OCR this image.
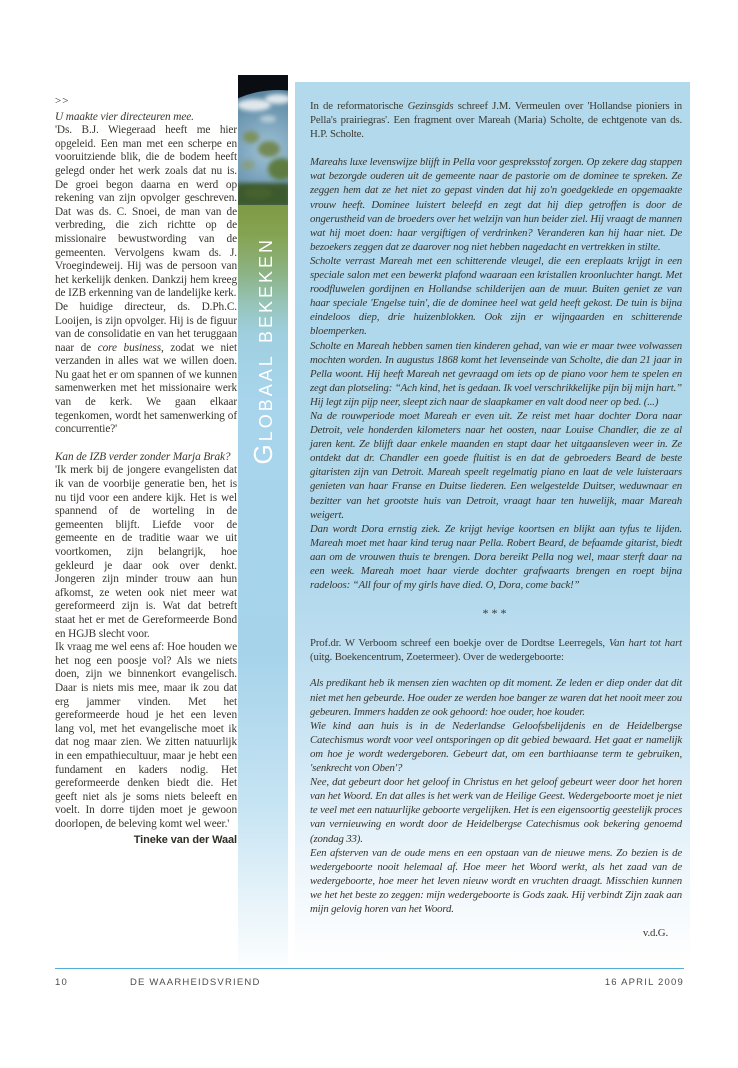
>>

U maakte vier directeuren mee.

'Ds. B.J. Wiegeraad heeft me hier opgeleid. Een man met een scherpe en vooruitziende blik, die de bodem heeft gelegd onder het werk zoals dat nu is. De groei begon daarna en werd op rekening van zijn opvolger geschreven. Dat was ds. C. Snoei, de man van de verbreding, die zich richtte op de missionaire bewustwording van de gemeenten. Vervolgens kwam ds. J. Vroegindeweij. Hij was de persoon van het kerkelijk denken. Dankzij hem kreeg de IZB erkenning van de landelijke kerk.

De huidige directeur, ds. D.Ph.C. Looijen, is zijn opvolger. Hij is de figuur van de consolidatie en van het teruggaan naar de core business, zodat we niet verzanden in alles wat we willen doen. Nu gaat het er om spannen of we kunnen samenwerken met het missionaire werk van de kerk. We gaan elkaar tegenkomen, wordt het samenwerking of concurrentie?'

Kan de IZB verder zonder Marja Brak?

'Ik merk bij de jongere evangelisten dat ik van de voorbije generatie ben, het is nu tijd voor een andere kijk. Het is wel spannend of de worteling in de gemeenten blijft. Liefde voor de gemeente en de traditie waar we uit voortkomen, zijn belangrijk, hoe gekleurd je daar ook over denkt. Jongeren zijn minder trouw aan hun afkomst, ze weten ook niet meer wat gereformeerd zijn is. Wat dat betreft staat het er met de Gereformeerde Bond en HGJB slecht voor.

Ik vraag me wel eens af: Hoe houden we het nog een poosje vol? Als we niets doen, zijn we binnenkort evangelisch. Daar is niets mis mee, maar ik zou dat erg jammer vinden. Met het gereformeerde houd je het een leven lang vol, met het evangelische moet ik dat nog maar zien. We zitten natuurlijk in een empathiecultuur, maar je hebt een fundament en kaders nodig. Het gereformeerde denken biedt die. Het geeft niet als je soms niets beleeft en voelt. In dorre tijden moet je gewoon doorlopen, de beleving komt wel weer.'

Tineke van der Waal
Globaal bekeken

In de reformatorische Gezinsgids schreef J.M. Vermeulen over 'Hollandse pioniers in Pella's prairiegras'. Een fragment over Mareah (Maria) Scholte, de echtgenote van ds. H.P. Scholte.

Mareahs luxe levenswijze blijft in Pella voor gespreksstof zorgen. Op zekere dag stappen wat bezorgde ouderen uit de gemeente naar de pastorie om de dominee te spreken. Ze zeggen hem dat ze het niet zo gepast vinden dat hij zo'n goedgeklede en opgemaakte vrouw heeft. Dominee luistert beleefd en zegt dat hij diep getroffen is door de ongerustheid van de broeders over het welzijn van hun beider ziel. Hij vraagt de mannen wat hij moet doen: haar vergiftigen of verdrinken? Veranderen kan hij haar niet. De bezoekers zeggen dat ze daarover nog niet hebben nagedacht en vertrekken in stilte.

Scholte verrast Mareah met een schitterende vleugel, die een ereplaats krijgt in een speciale salon met een bewerkt plafond waaraan een kristallen kroonluchter hangt. Met roodfluwelen gordijnen en Hollandse schilderijen aan de muur. Buiten geniet ze van haar speciale 'Engelse tuin', die de dominee heel wat geld heeft gekost. De tuin is bijna eindeloos diep, drie huizenblokken. Ook zijn er wijngaarden en schitterende bloemperken.

Scholte en Mareah hebben samen tien kinderen gehad, van wie er maar twee volwassen mochten worden. In augustus 1868 komt het levenseinde van Scholte, die dan 21 jaar in Pella woont. Hij heeft Mareah net gevraagd om iets op de piano voor hem te spelen en zegt dan plotseling: “Ach kind, het is gedaan. Ik voel verschrikkelijke pijn bij mijn hart.” Hij legt zijn pijp neer, sleept zich naar de slaapkamer en valt dood neer op bed. (...)

Na de rouwperiode moet Mareah er even uit. Ze reist met haar dochter Dora naar Detroit, vele honderden kilometers naar het oosten, naar Louise Chandler, die ze al jaren kent. Ze blijft daar enkele maanden en stapt daar het uitgaansleven weer in. Ze ontdekt dat dr. Chandler een goede fluitist is en dat de gebroeders Beard de beste gitaristen zijn van Detroit. Mareah speelt regelmatig piano en laat de vele luisteraars genieten van haar Franse en Duitse liederen. Een welgestelde Duitser, weduwnaar en bezitter van het grootste huis van Detroit, vraagt haar ten huwelijk, maar Mareah weigert.

Dan wordt Dora ernstig ziek. Ze krijgt hevige koortsen en blijkt aan tyfus te lijden. Mareah moet met haar kind terug naar Pella. Robert Beard, de befaamde gitarist, biedt aan om de vrouwen thuis te brengen. Dora bereikt Pella nog wel, maar sterft daar na een week. Mareah moet haar vierde dochter grafwaarts brengen en roept bijna radeloos: “All four of my girls have died. O, Dora, come back!”

***

Prof.dr. W Verboom schreef een boekje over de Dordtse Leerregels, Van hart tot hart (uitg. Boekencentrum, Zoetermeer). Over de wedergeboorte:

Als predikant heb ik mensen zien wachten op dit moment. Ze leden er diep onder dat dit niet met hen gebeurde. Hoe ouder ze werden hoe banger ze waren dat het nooit meer zou gebeuren. Immers hadden ze ook gehoord: hoe ouder, hoe kouder.

Wie kind aan huis is in de Nederlandse Geloofsbelijdenis en de Heidelbergse Catechismus wordt voor veel ontsporingen op dit gebied bewaard. Het gaat er namelijk om hoe je wordt wedergeboren. Gebeurt dat, om een barthiaanse term te gebruiken, 'senkrecht von Oben'?

Nee, dat gebeurt door het geloof in Christus en het geloof gebeurt weer door het horen van het Woord. En dat alles is het werk van de Heilige Geest. Wedergeboorte moet je niet te veel met een natuurlijke geboorte vergelijken. Het is een eigensoortig geestelijk proces van vernieuwing en wordt door de Heidelbergse Catechismus ook bekering genoemd (zondag 33).

Een afsterven van de oude mens en een opstaan van de nieuwe mens. Zo bezien is de wedergeboorte nooit helemaal af. Hoe meer het Woord werkt, als het zaad van de wedergeboorte, hoe meer het leven nieuw wordt en vruchten draagt. Misschien kunnen we het het beste zo zeggen: mijn wedergeboorte is Gods zaak. Hij verbindt Zijn zaak aan mijn gelovig horen van het Woord.

v.d.G.

10	DE WAARHEIDSVRIEND	16 APRIL 2009
